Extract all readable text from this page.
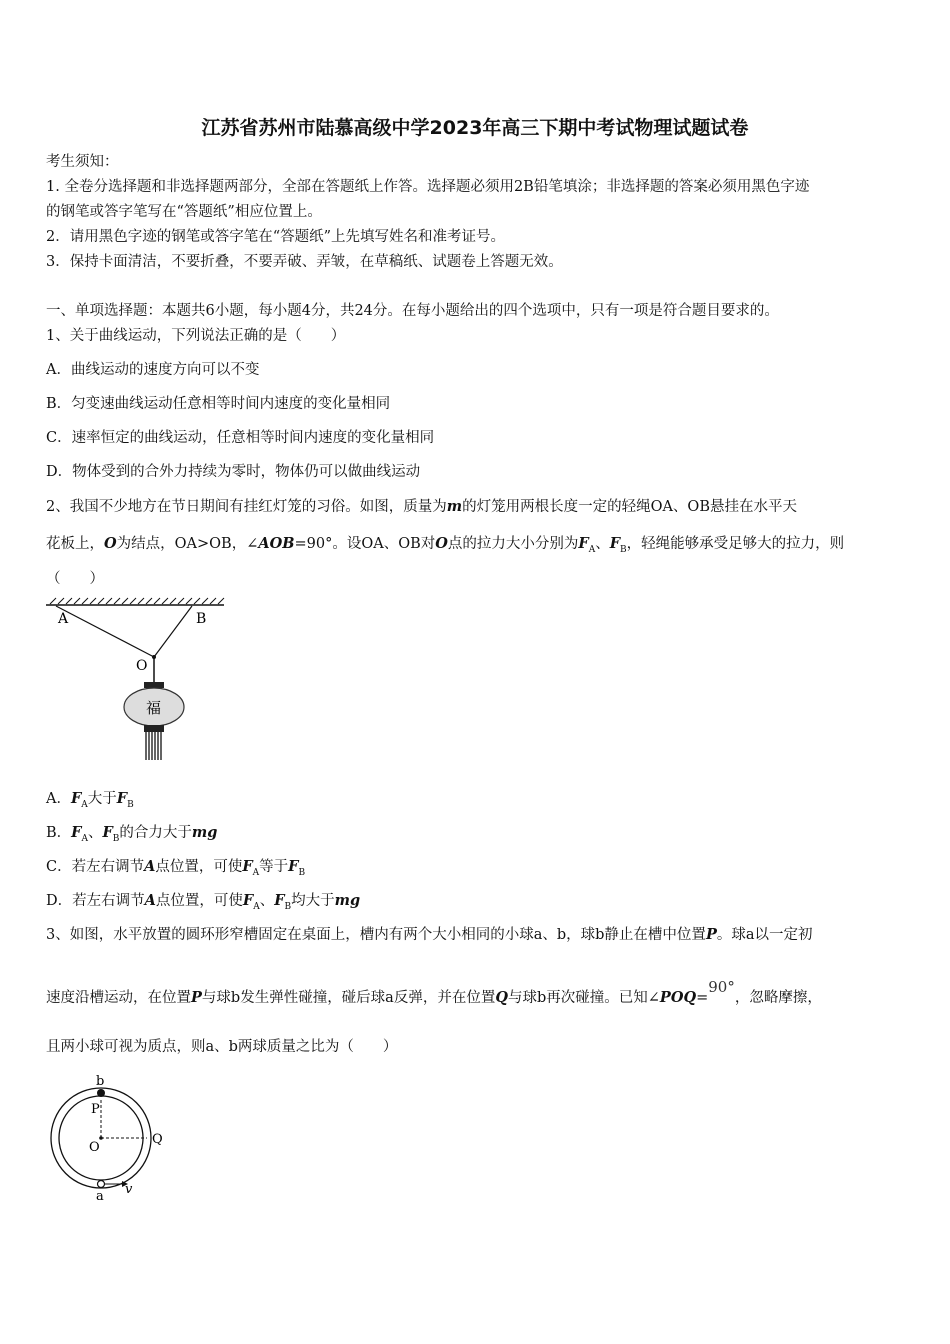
江苏省苏州市陆慕高级中学2023年高三下期中考试物理试题试卷
考生须知：
1. 全卷分选择题和非选择题两部分，全部在答题纸上作答。选择题必须用2B铅笔填涂；非选择题的答案必须用黑色字迹
的钢笔或答字笔写在“答题纸”相应位置上。
2．请用黑色字迹的钢笔或答字笔在“答题纸”上先填写姓名和准考证号。
3．保持卡面清洁，不要折叠，不要弄破、弄皱，在草稿纸、试题卷上答题无效。
一、单项选择题：本题共6小题，每小题4分，共24分。在每小题给出的四个选项中，只有一项是符合题目要求的。
1、关于曲线运动，下列说法正确的是（　　）
A．曲线运动的速度方向可以不变
B．匀变速曲线运动任意相等时间内速度的变化量相同
C．速率恒定的曲线运动，任意相等时间内速度的变化量相同
D．物体受到的合外力持续为零时，物体仍可以做曲线运动
2、我国不少地方在节日期间有挂红灯笼的习俗。如图，质量为m的灯笼用两根长度一定的轻绳OA、OB悬挂在水平天
花板上，O为结点，OA>OB，∠AOB=90°。设OA、OB对O点的拉力大小分别为$F_A$、$F_B$，轻绳能够承受足够大的拉力，则
（　　）
A	B
O
福
A．$F_A$大于$F_B$
B．$F_A$、$F_B$的合力大于mg
C．若左右调节A点位置，可使$F_A$等于$F_B$
D．若左右调节A点位置，可使$F_A$、$F_B$均大于mg
3、如图，水平放置的圆环形窄槽固定在桌面上，槽内有两个大小相同的小球a、b，球b静止在槽中位置P。球a以一定初
速度沿槽运动，在位置P与球b发生弹性碰撞，碰后球a反弹，并在位置Q与球b再次碰撞。已知∠POQ=90°，忽略摩擦，
且两小球可视为质点，则a、b两球质量之比为（　　）
b
P
O
Q
a v
